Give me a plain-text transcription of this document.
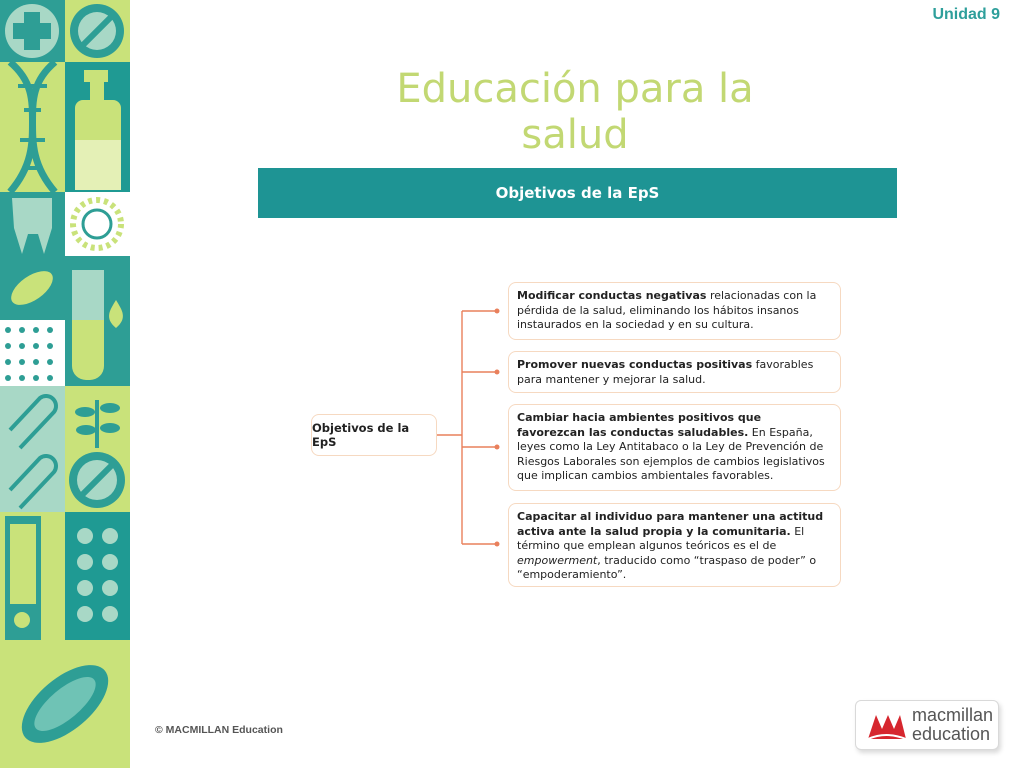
Unidad 9
Educación para la salud
Objetivos de la EpS
Objetivos de la EpS
Modificar conductas negativas relacionadas con la pérdida de la salud, eliminando los hábitos insanos instaurados en la sociedad y en su cultura.
Promover nuevas conductas positivas favorables para mantener y mejorar la salud.
Cambiar hacia ambientes positivos que favorezcan las conductas saludables. En España, leyes como la Ley Antitabaco o la Ley de Prevención de Riesgos Laborales son ejemplos de cambios legislativos que implican cambios ambientales favorables.
Capacitar al individuo para mantener una actitud activa ante la salud propia y la comunitaria. El término que emplean algunos teóricos es el de empowerment, traducido como “traspaso de poder” o “empoderamiento”.
© MACMILLAN Education
macmillan
education
